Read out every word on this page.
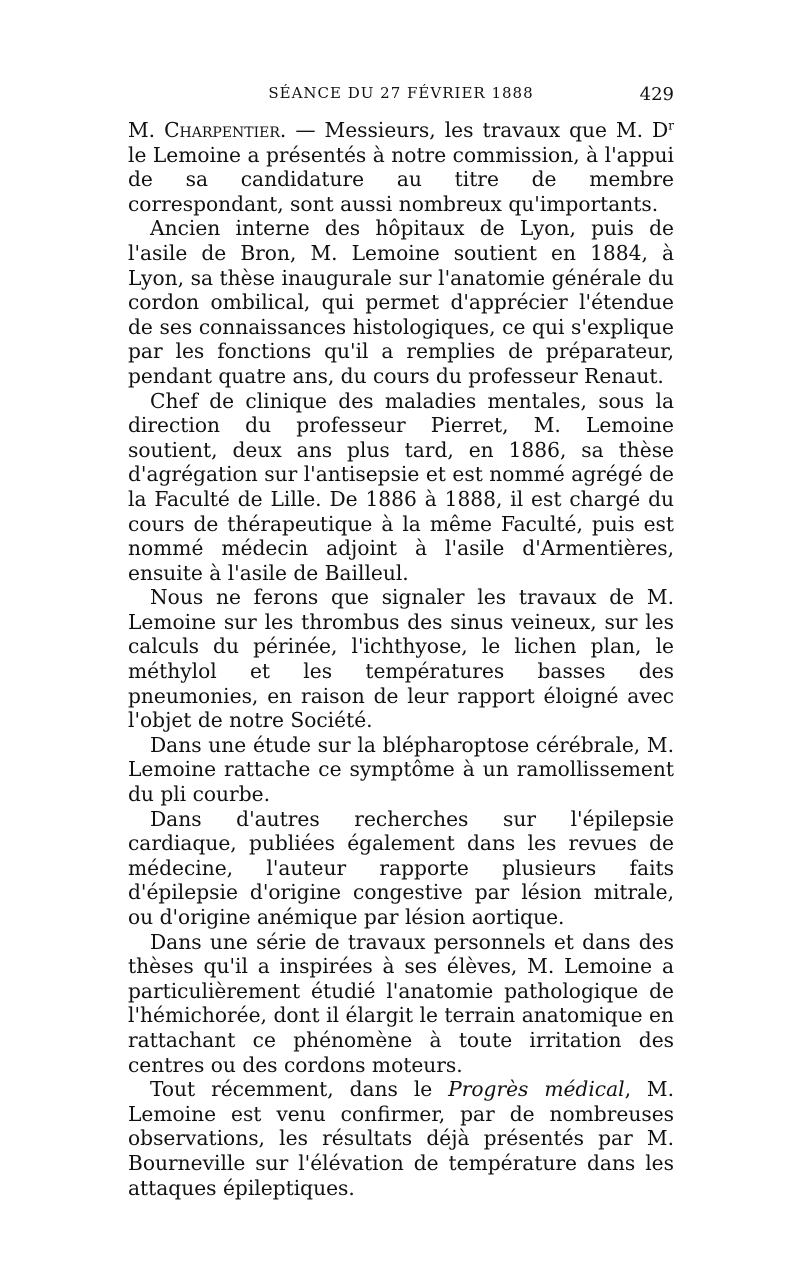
SÉANCE DU 27 FÉVRIER 1888	429

M. Charpentier. — Messieurs, les travaux que M. $D^r$ le Lemoine a présentés à notre commission, à l'appui de sa candidature au titre de membre correspondant, sont aussi nombreux qu'importants.

Ancien interne des hôpitaux de Lyon, puis de l'asile de Bron, M. Lemoine soutient en 1884, à Lyon, sa thèse inaugurale sur l'anatomie générale du cordon ombilical, qui permet d'apprécier l'étendue de ses connaissances histologiques, ce qui s'explique par les fonctions qu'il a remplies de préparateur, pendant quatre ans, du cours du professeur Renaut.

Chef de clinique des maladies mentales, sous la direction du professeur Pierret, M. Lemoine soutient, deux ans plus tard, en 1886, sa thèse d'agrégation sur l'antisepsie et est nommé agrégé de la Faculté de Lille. De 1886 à 1888, il est chargé du cours de thérapeutique à la même Faculté, puis est nommé médecin adjoint à l'asile d'Armentières, ensuite à l'asile de Bailleul.

Nous ne ferons que signaler les travaux de M. Lemoine sur les thrombus des sinus veineux, sur les calculs du périnée, l'ichthyose, le lichen plan, le méthylol et les températures basses des pneumonies, en raison de leur rapport éloigné avec l'objet de notre Société.

Dans une étude sur la blépharoptose cérébrale, M. Lemoine rattache ce symptôme à un ramollissement du pli courbe.

Dans d'autres recherches sur l'épilepsie cardiaque, publiées également dans les revues de médecine, l'auteur rapporte plusieurs faits d'épilepsie d'origine congestive par lésion mitrale, ou d'origine anémique par lésion aortique.

Dans une série de travaux personnels et dans des thèses qu'il a inspirées à ses élèves, M. Lemoine a particulièrement étudié l'anatomie pathologique de l'hémichorée, dont il élargit le terrain anatomique en rattachant ce phénomène à toute irritation des centres ou des cordons moteurs.

Tout récemment, dans le Progrès médical, M. Lemoine est venu confirmer, par de nombreuses observations, les résultats déjà présentés par M. Bourneville sur l'élévation de température dans les attaques épileptiques.
